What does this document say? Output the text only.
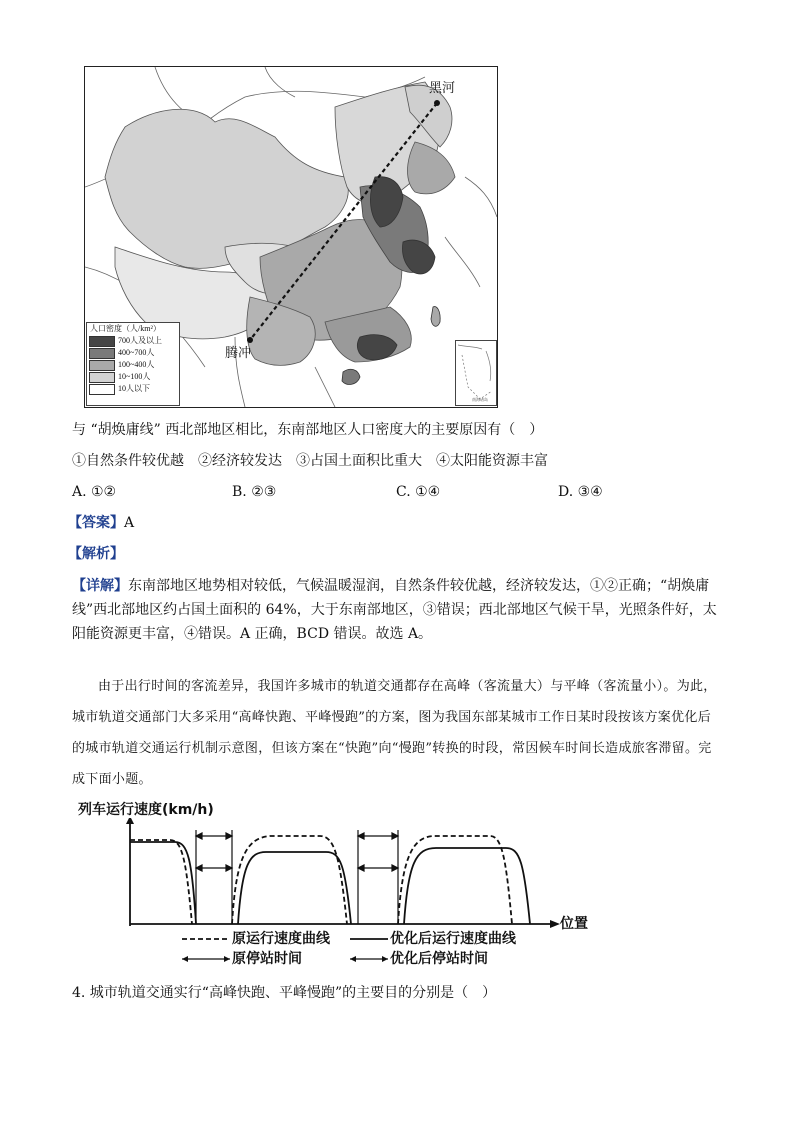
黑河
腾冲
人口密度（人/km²）
700人及以上
400~700人
100~400人
10~100人
10人以下
南海诸岛
与 “胡焕庸线” 西北部地区相比，东南部地区人口密度大的主要原因有（　）
①自然条件较优越　②经济较发达　③占国土面积比重大　④太阳能资源丰富
A. ①②	B. ②③	C. ①④	D. ③④
【答案】A
【解析】
【详解】东南部地区地势相对较低，气候温暖湿润，自然条件较优越，经济较发达，①②正确；“胡焕庸线”西北部地区约占国土面积的 64%，大于东南部地区，③错误；西北部地区气候干旱，光照条件好，太阳能资源更丰富，④错误。A 正确，BCD 错误。故选 A。
由于出行时间的客流差异，我国许多城市的轨道交通都存在高峰（客流量大）与平峰（客流量小）。为此，城市轨道交通部门大多采用“高峰快跑、平峰慢跑”的方案，图为我国东部某城市工作日某时段按该方案优化后的城市轨道交通运行机制示意图，但该方案在“快跑”向“慢跑”转换的时段，常因候车时间长造成旅客滞留。完成下面小题。
列车运行速度(km/h)
位置
原运行速度曲线
原停站时间
优化后运行速度曲线
优化后停站时间
4. 城市轨道交通实行“高峰快跑、平峰慢跑”的主要目的分别是（　）
